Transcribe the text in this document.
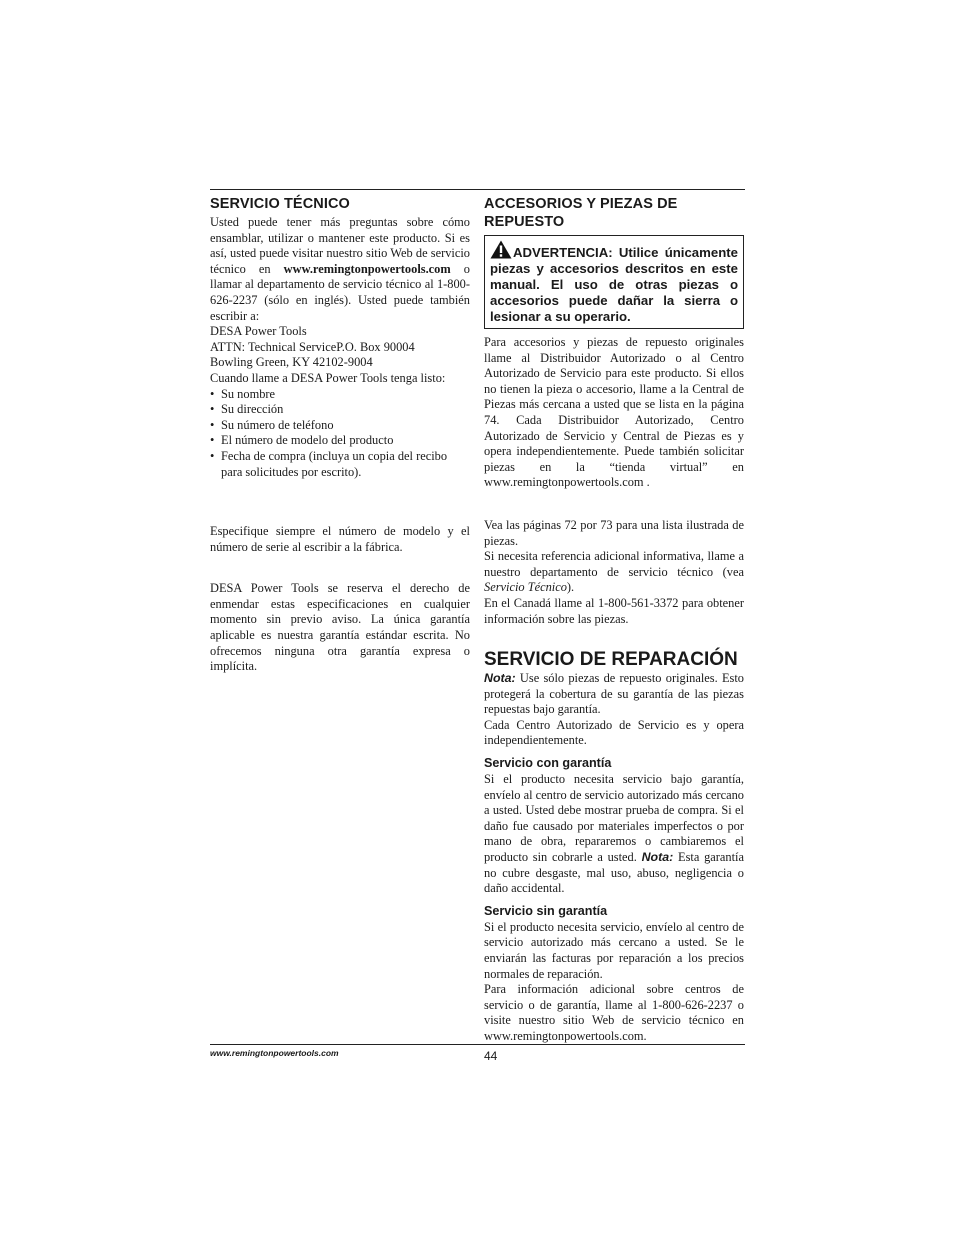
SERVICIO TÉCNICO

Usted puede tener más preguntas sobre cómo ensamblar, utilizar o mantener este producto. Si es así, usted puede visitar nuestro sitio Web de servicio técnico en www.remingtonpowertools.com o llamar al departamento de servicio técnico al 1-800-626-2237 (sólo en inglés). Usted puede también escribir a:

DESA Power Tools

ATTN: Technical ServiceP.O. Box 90004

Bowling Green, KY 42102-9004

Cuando llame a DESA Power Tools tenga listo:

• Su nombre
• Su dirección
• Su número de teléfono
• El número de modelo del producto
• Fecha de compra (incluya un copia del recibo para solicitudes por escrito).

Especifique siempre el número de modelo y el número de serie al escribir a la fábrica.

DESA Power Tools se reserva el derecho de enmendar estas especificaciones en cualquier momento sin previo aviso. La única garantía aplicable es nuestra garantía estándar escrita. No ofrecemos ninguna otra garantía expresa o implícita.

ACCESORIOS Y PIEZAS DE REPUESTO
ADVERTENCIA: Utilice únicamente piezas y accesorios descritos en este manual. El uso de otras piezas o accesorios puede dañar la sierra o lesionar a su operario.

Para accesorios y piezas de repuesto originales llame al Distribuidor Autorizado o al Centro Autorizado de Servicio para este producto. Si ellos no tienen la pieza o accesorio, llame a la Central de Piezas más cercana a usted que se lista en la página 74. Cada Distribuidor Autorizado, Centro Autorizado de Servicio y Central de Piezas es y opera independientemente. Puede también solicitar piezas en la “tienda virtual” en www.remingtonpowertools.com .

Vea las páginas 72 por 73 para una lista ilustrada de piezas.

Si necesita referencia adicional informativa, llame a nuestro departamento de servicio técnico (vea Servicio Técnico).

En el Canadá llame al 1-800-561-3372 para obtener información sobre las piezas.

SERVICIO DE REPARACIÓN

Nota: Use sólo piezas de repuesto originales. Esto protegerá la cobertura de su garantía de las piezas repuestas bajo garantía.

Cada Centro Autorizado de Servicio es y opera independientemente.

Servicio con garantía

Si el producto necesita servicio bajo garantía, envíelo al centro de servicio autorizado más cercano a usted. Usted debe mostrar prueba de compra. Si el daño fue causado por materiales imperfectos o por mano de obra, repararemos o cambiaremos el producto sin cobrarle a usted. Nota: Esta garantía no cubre desgaste, mal uso, abuso, negligencia o daño accidental.

Servicio sin garantía

Si el producto necesita servicio, envíelo al centro de servicio autorizado más cercano a usted. Se le enviarán las facturas por reparación a los precios normales de reparación.

Para información adicional sobre centros de servicio o de garantía, llame al 1-800-626-2237 o visite nuestro sitio Web de servicio técnico en www.remingtonpowertools.com.

www.remingtonpowertools.com	44
